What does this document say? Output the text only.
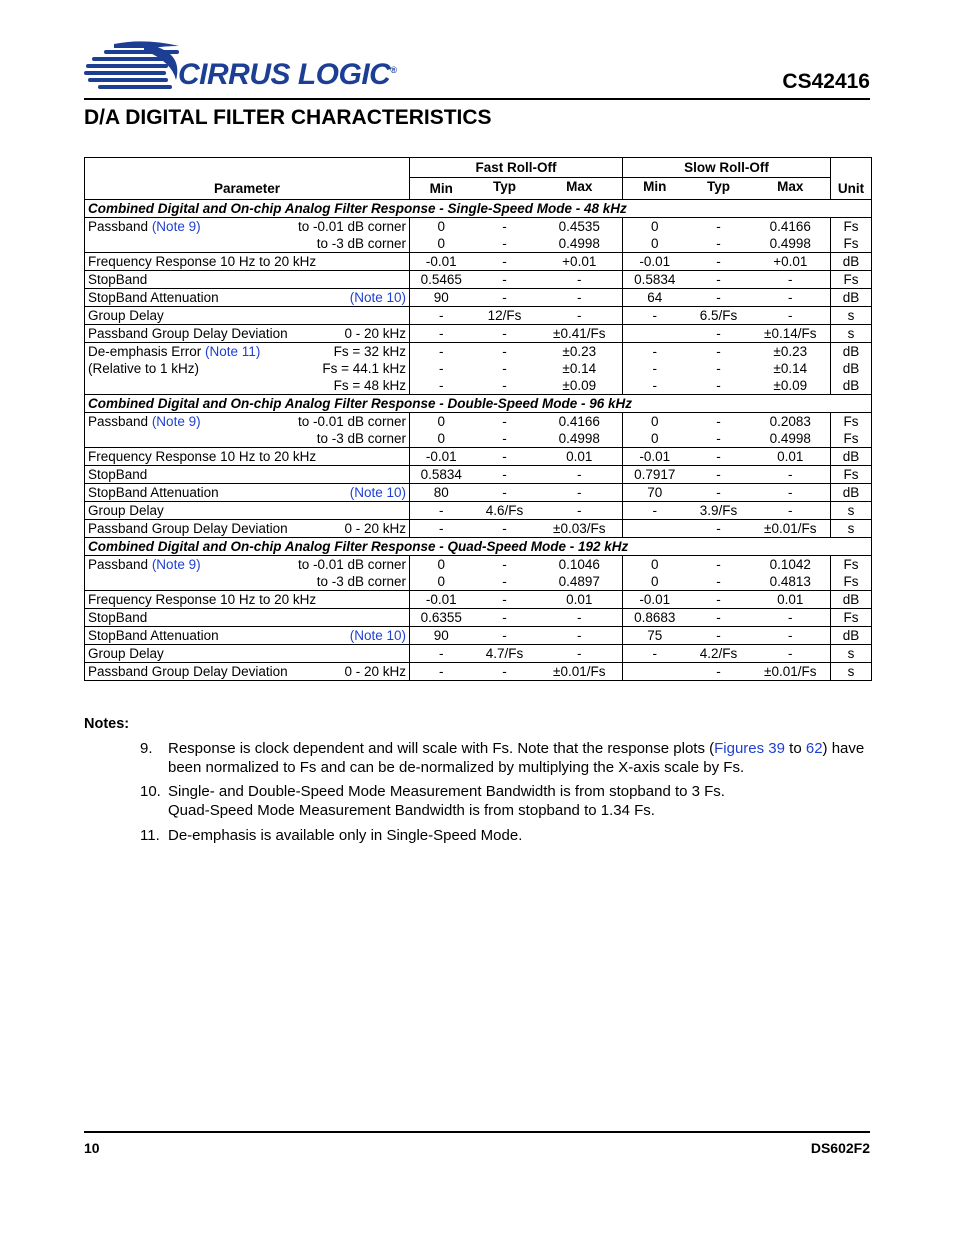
CIRRUS LOGIC®	CS42416
D/A DIGITAL FILTER CHARACTERISTICS
Parameter	Fast Roll-Off			Slow Roll-Off			Unit
	Min	Typ	Max	Min	Typ	Max	
Combined Digital and On-chip Analog Filter Response - Single-Speed Mode - 48 kHz							

Passband (Note 9) to -0.01 dB corner	0	-	0.4535	0	-	0.4166	Fs

to -3 dB corner	0	-	0.4998	0	-	0.4998	Fs

Frequency Response 10 Hz to 20 kHz	-0.01	-	+0.01	-0.01	-	+0.01	dB

StopBand	0.5465	-	-	0.5834	-	-	Fs

StopBand Attenuation (Note 10)	90	-	-	64	-	-	dB

Group Delay	-	12/Fs	-	-	6.5/Fs	-	s

Passband Group Delay Deviation 0 - 20 kHz	-	-	±0.41/Fs		-	±0.14/Fs	s

De-emphasis Error (Note 11) Fs = 32 kHz	-	-	±0.23	-	-	±0.23	dB

(Relative to 1 kHz) Fs = 44.1 kHz	-	-	±0.14	-	-	±0.14	dB

Fs = 48 kHz	-	-	±0.09	-	-	±0.09	dB
Combined Digital and On-chip Analog Filter Response - Double-Speed Mode - 96 kHz							

Passband (Note 9) to -0.01 dB corner	0	-	0.4166	0	-	0.2083	Fs

to -3 dB corner	0	-	0.4998	0	-	0.4998	Fs

Frequency Response 10 Hz to 20 kHz	-0.01	-	0.01	-0.01	-	0.01	dB

StopBand	0.5834	-	-	0.7917	-	-	Fs

StopBand Attenuation (Note 10)	80	-	-	70	-	-	dB

Group Delay	-	4.6/Fs	-	-	3.9/Fs	-	s

Passband Group Delay Deviation 0 - 20 kHz	-	-	±0.03/Fs		-	±0.01/Fs	s
Combined Digital and On-chip Analog Filter Response - Quad-Speed Mode - 192 kHz							

Passband (Note 9) to -0.01 dB corner	0	-	0.1046	0	-	0.1042	Fs

to -3 dB corner	0	-	0.4897	0	-	0.4813	Fs

Frequency Response 10 Hz to 20 kHz	-0.01	-	0.01	-0.01	-	0.01	dB

StopBand	0.6355	-	-	0.8683	-	-	Fs

StopBand Attenuation (Note 10)	90	-	-	75	-	-	dB

Group Delay	-	4.7/Fs	-	-	4.2/Fs	-	s

Passband Group Delay Deviation 0 - 20 kHz	-	-	±0.01/Fs		-	±0.01/Fs	s
Notes:
9. Response is clock dependent and will scale with Fs. Note that the response plots (Figures 39 to 62) have been normalized to Fs and can be de-normalized by multiplying the X-axis scale by Fs.
10. Single- and Double-Speed Mode Measurement Bandwidth is from stopband to 3 Fs.
Quad-Speed Mode Measurement Bandwidth is from stopband to 1.34 Fs.
11. De-emphasis is available only in Single-Speed Mode.
10	DS602F2
